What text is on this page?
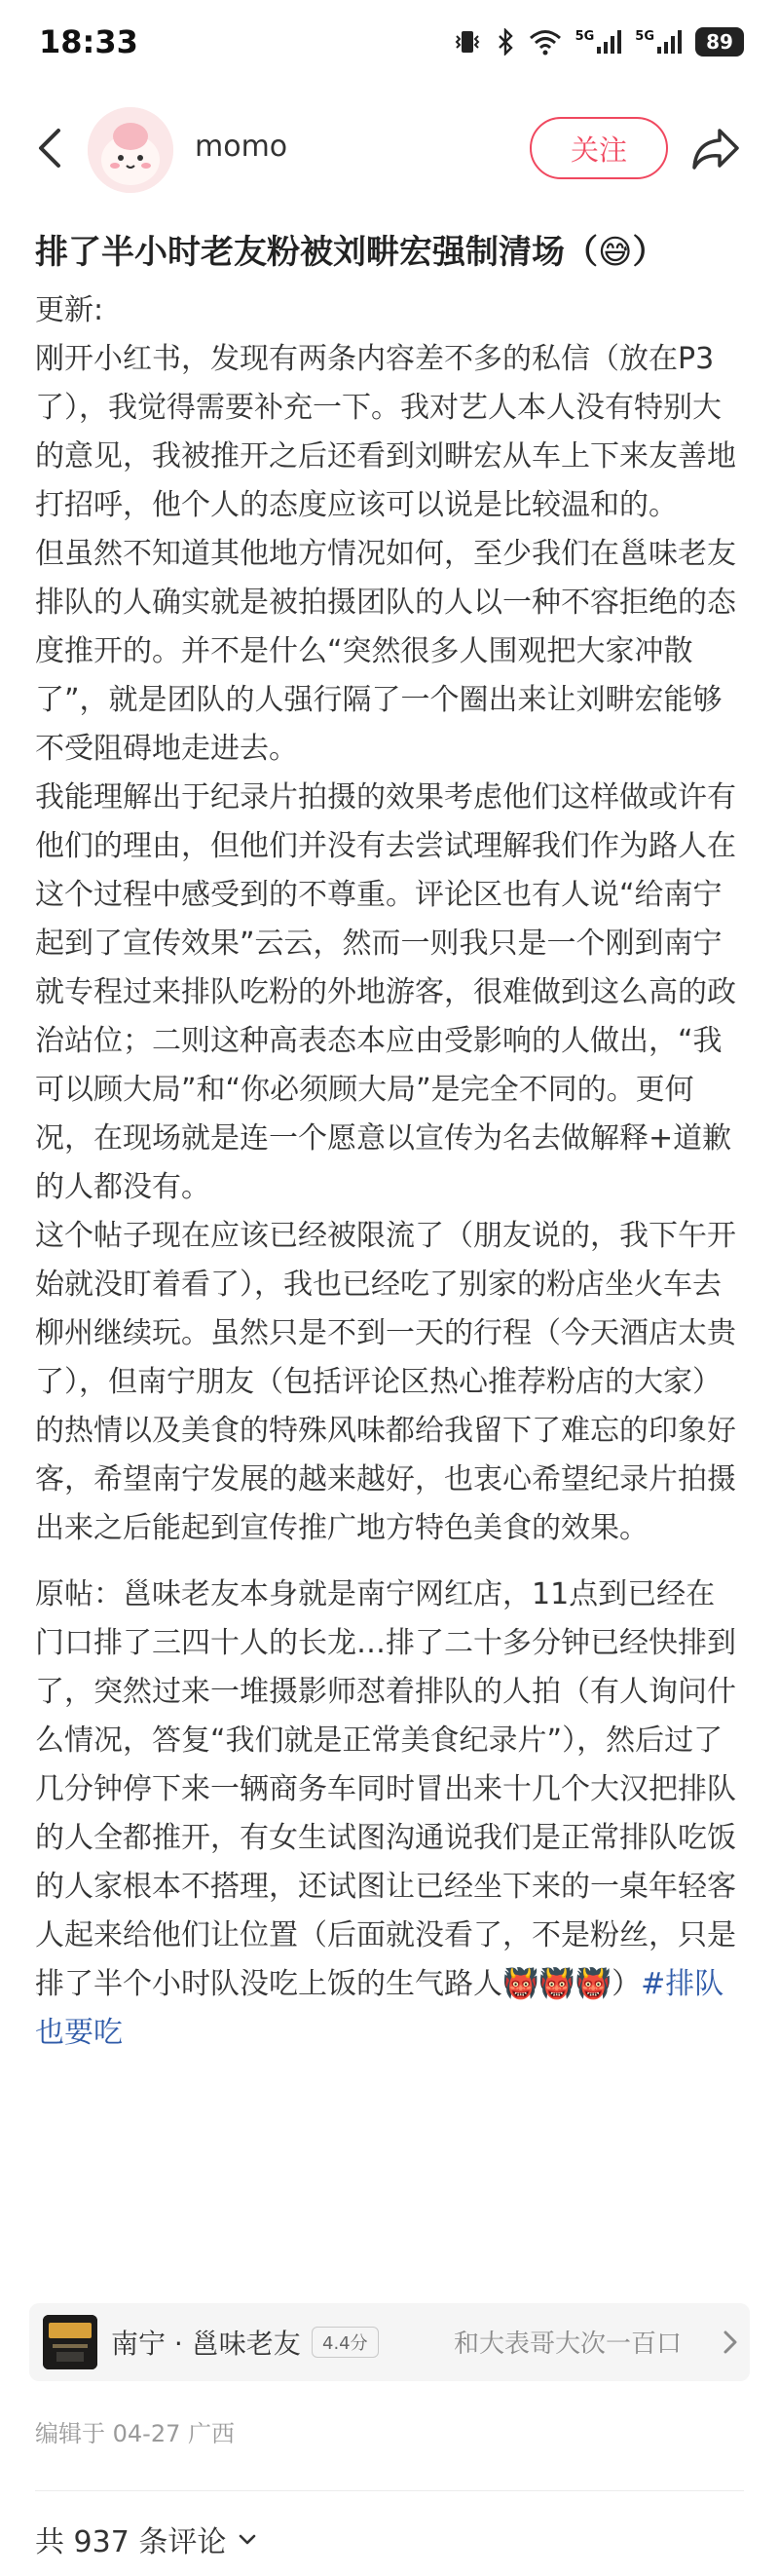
18:33	5G	5G	89
momo	关注
排了半小时老友粉被刘畊宏强制清场（😅）

更新:

刚开小红书，发现有两条内容差不多的私信（放在P3了），我觉得需要补充一下。我对艺人本人没有特别大的意见，我被推开之后还看到刘畊宏从车上下来友善地打招呼，他个人的态度应该可以说是比较温和的。

但虽然不知道其他地方情况如何，至少我们在邕味老友排队的人确实就是被拍摄团队的人以一种不容拒绝的态度推开的。并不是什么“突然很多人围观把大家冲散了”，就是团队的人强行隔了一个圈出来让刘畊宏能够不受阻碍地走进去。

我能理解出于纪录片拍摄的效果考虑他们这样做或许有他们的理由，但他们并没有去尝试理解我们作为路人在这个过程中感受到的不尊重。评论区也有人说“给南宁起到了宣传效果”云云，然而一则我只是一个刚到南宁就专程过来排队吃粉的外地游客，很难做到这么高的政治站位；二则这种高表态本应由受影响的人做出，“我可以顾大局”和“你必须顾大局”是完全不同的。更何况，在现场就是连一个愿意以宣传为名去做解释+道歉的人都没有。

这个帖子现在应该已经被限流了（朋友说的，我下午开始就没盯着看了），我也已经吃了别家的粉店坐火车去柳州继续玩。虽然只是不到一天的行程（今天酒店太贵了），但南宁朋友（包括评论区热心推荐粉店的大家）的热情以及美食的特殊风味都给我留下了难忘的印象好客，希望南宁发展的越来越好，也衷心希望纪录片拍摄出来之后能起到宣传推广地方特色美食的效果。

原帖：邕味老友本身就是南宁网红店，11点到已经在门口排了三四十人的长龙…排了二十多分钟已经快排到了，突然过来一堆摄影师怼着排队的人拍（有人询问什么情况，答复“我们就是正常美食纪录片”），然后过了几分钟停下来一辆商务车同时冒出来十几个大汉把排队的人全都推开，有女生试图沟通说我们是正常排队吃饭的人家根本不搭理，还试图让已经坐下来的一桌年轻客人起来给他们让位置（后面就没看了，不是粉丝，只是排了半个小时队没吃上饭的生气路人👹👹👹）#排队也要吃

南宁 · 邕味老友	4.4分	和大表哥大次一百口
编辑于 04-27 广西
共 937 条评论
